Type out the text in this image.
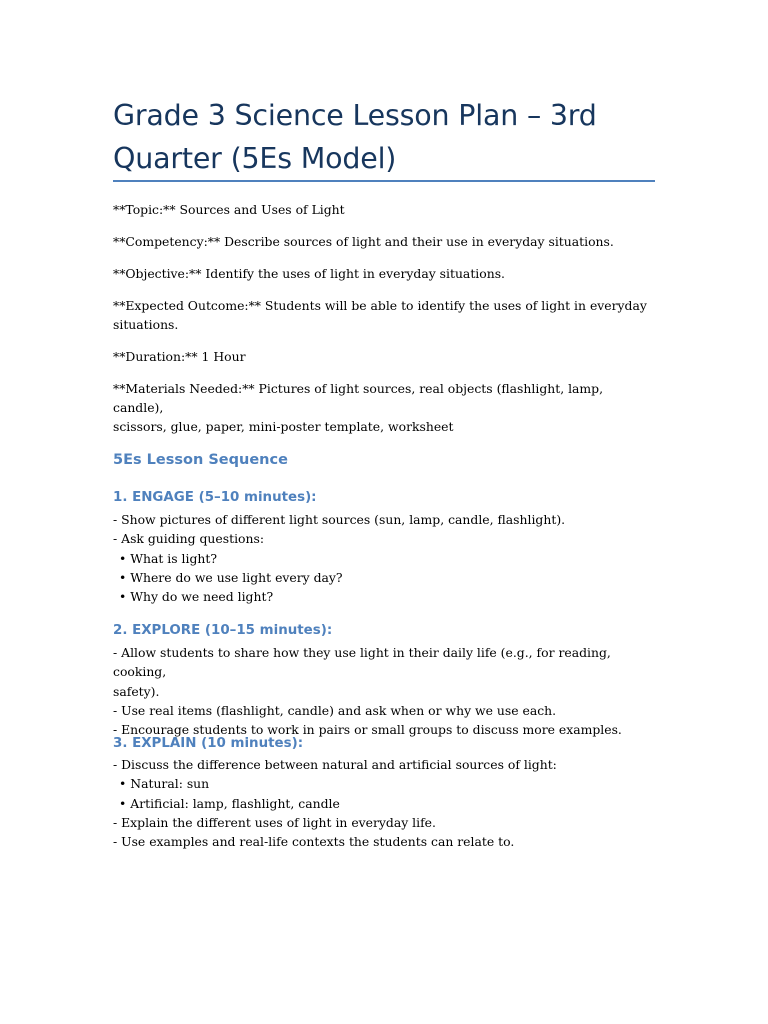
Grade 3 Science Lesson Plan – 3rd
Quarter (5Es Model)

**Topic:** Sources and Uses of Light

**Competency:** Describe sources of light and their use in everyday situations.

**Objective:** Identify the uses of light in everyday situations.

**Expected Outcome:** Students will be able to identify the uses of light in everyday
situations.

**Duration:** 1 Hour

**Materials Needed:** Pictures of light sources, real objects (flashlight, lamp, candle),
scissors, glue, paper, mini-poster template, worksheet

5Es Lesson Sequence
1. ENGAGE (5–10 minutes):
- Show pictures of different light sources (sun, lamp, candle, flashlight).
- Ask guiding questions:
• What is light?
• Where do we use light every day?
• Why do we need light?
2. EXPLORE (10–15 minutes):
- Allow students to share how they use light in their daily life (e.g., for reading, cooking,
safety).
- Use real items (flashlight, candle) and ask when or why we use each.
- Encourage students to work in pairs or small groups to discuss more examples.
3. EXPLAIN (10 minutes):
- Discuss the difference between natural and artificial sources of light:
• Natural: sun
• Artificial: lamp, flashlight, candle
- Explain the different uses of light in everyday life.
- Use examples and real-life contexts the students can relate to.
